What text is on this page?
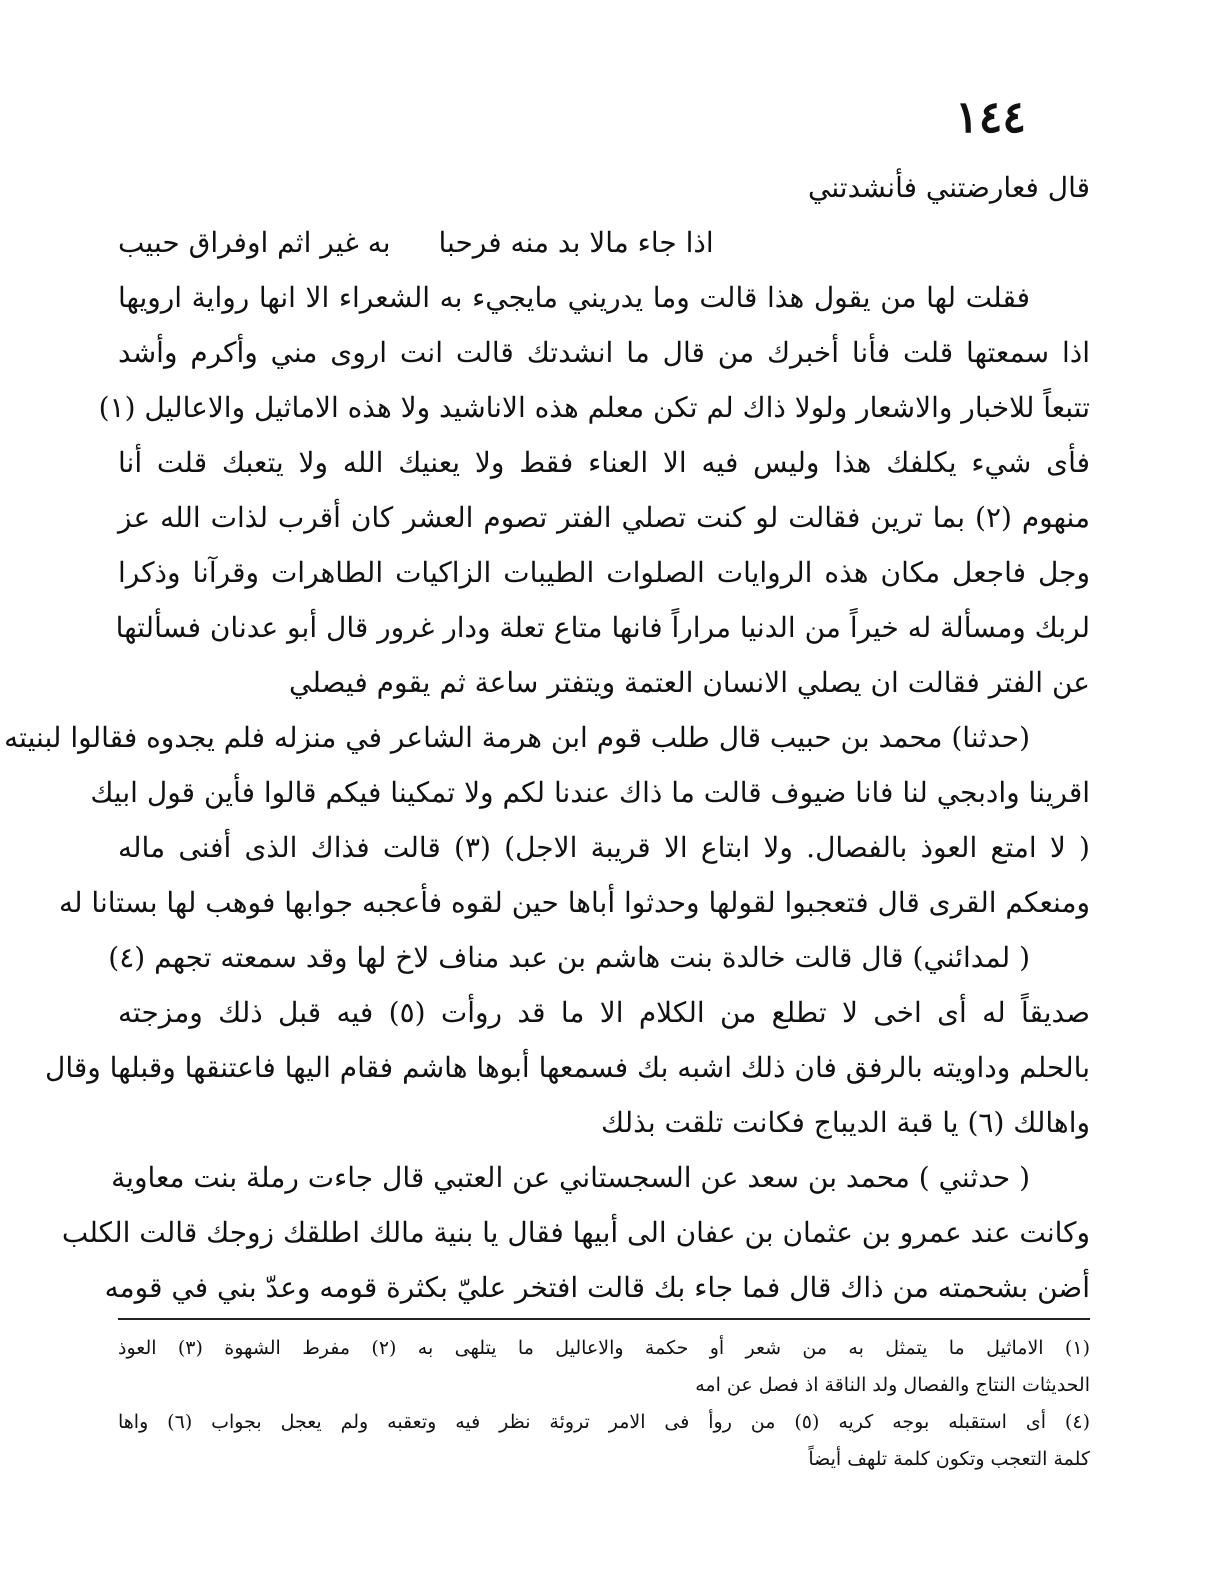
١٤٤
قال فعارضتني فأنشدتني
اذا جاء مالا بد منه فرحبا
به غير اثم اوفراق حبيب
فقلت لها من يقول هذا قالت وما يدريني مايجيء به الشعراء الا انها رواية ارويها
اذا سمعتها قلت فأنا أخبرك من قال ما انشدتك قالت انت اروى مني وأكرم وأشد
تتبعاً للاخبار والاشعار ولولا ذاك لم تكن معلم هذه الاناشيد ولا هذه الاماثيل والاعاليل (١)
فأى شيء يكلفك هذا وليس فيه الا العناء فقط ولا يعنيك الله ولا يتعبك قلت أنا
منهوم (٢) بما ترين فقالت لو كنت تصلي الفتر تصوم العشر كان أقرب لذات الله عز
وجل فاجعل مكان هذه الروايات الصلوات الطيبات الزاكيات الطاهرات وقرآنا وذكرا
لربك ومسألة له خيراً من الدنيا مراراً فانها متاع تعلة ودار غرور قال أبو عدنان فسألتها
عن الفتر فقالت ان يصلي الانسان العتمة ويتفتر ساعة ثم يقوم فيصلي
(حدثنا) محمد بن حبيب قال طلب قوم ابن هرمة الشاعر في منزله فلم يجدوه فقالوا لبنيته
اقرينا وادبجي لنا فانا ضيوف قالت ما ذاك عندنا لكم ولا تمكينا فيكم قالوا فأين قول ابيك
( لا امتع العوذ بالفصال. ولا ابتاع الا قريبة الاجل) (٣) قالت فذاك الذى أفنى ماله
ومنعكم القرى قال فتعجبوا لقولها وحدثوا أباها حين لقوه فأعجبه جوابها فوهب لها بستانا له
( لمدائني) قال قالت خالدة بنت هاشم بن عبد مناف لاخ لها وقد سمعته تجهم (٤)
صديقاً له أى اخى لا تطلع من الكلام الا ما قد روأت (٥) فيه قبل ذلك ومزجته
بالحلم وداويته بالرفق فان ذلك اشبه بك فسمعها أبوها هاشم فقام اليها فاعتنقها وقبلها وقال
واهالك (٦) يا قبة الديباج فكانت تلقت بذلك
( حدثني ) محمد بن سعد عن السجستاني عن العتبي قال جاءت رملة بنت معاوية
وكانت عند عمرو بن عثمان بن عفان الى أبيها فقال يا بنية مالك اطلقك زوجك قالت الكلب
أضن بشحمته من ذاك قال فما جاء بك قالت افتخر عليّ بكثرة قومه وعدّ بني في قومه
(١) الاماثيل ما يتمثل به من شعر أو حكمة والاعاليل ما يتلهى به (٢) مفرط الشهوة (٣) العوذ
الحديثات النتاج والفصال ولد الناقة اذ فصل عن امه
(٤) أى استقبله بوجه كريه (٥) من روأ فى الامر تروئة نظر فيه وتعقبه ولم يعجل بجواب (٦) واها
كلمة التعجب وتكون كلمة تلهف أيضاً
